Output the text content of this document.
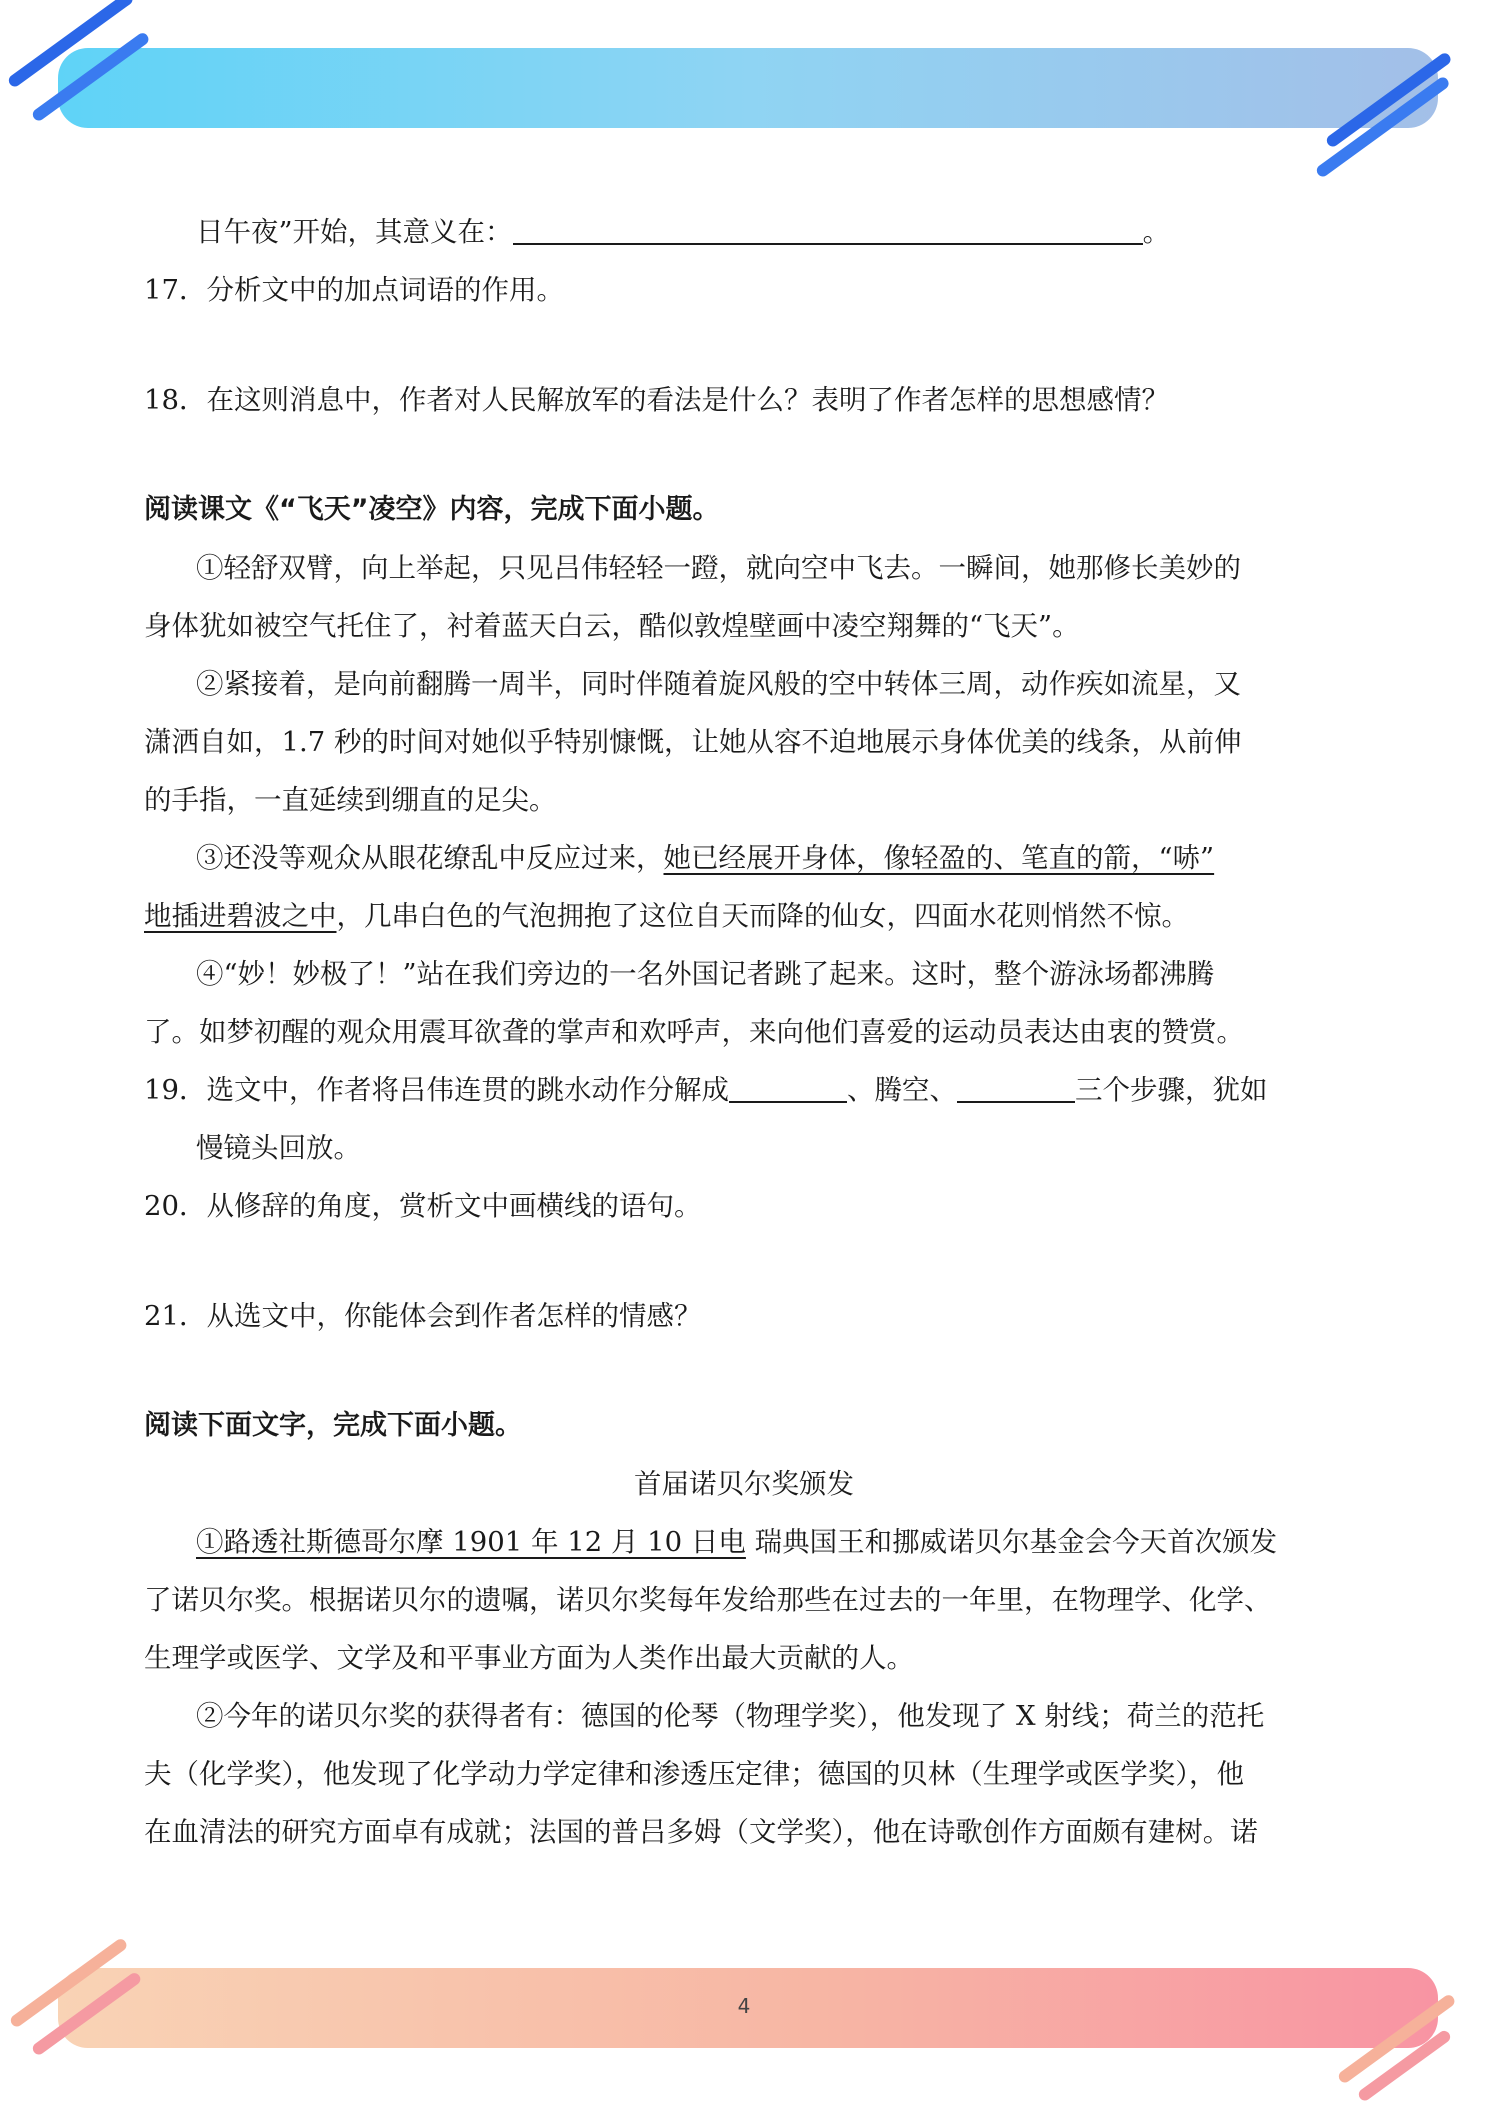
日午夜”开始，其意义在：	。
17．分析文中的加点词语的作用。
18．在这则消息中，作者对人民解放军的看法是什么？表明了作者怎样的思想感情？
阅读课文《“飞天”凌空》内容，完成下面小题。
①轻舒双臂，向上举起，只见吕伟轻轻一蹬，就向空中飞去。一瞬间，她那修长美妙的
身体犹如被空气托住了，衬着蓝天白云，酷似敦煌壁画中凌空翔舞的“飞天”。
②紧接着，是向前翻腾一周半，同时伴随着旋风般的空中转体三周，动作疾如流星，又
潇洒自如，1.7 秒的时间对她似乎特别慷慨，让她从容不迫地展示身体优美的线条，从前伸
的手指，一直延续到绷直的足尖。
③还没等观众从眼花缭乱中反应过来，她已经展开身体，像轻盈的、笔直的箭，“哧”
地插进碧波之中，几串白色的气泡拥抱了这位自天而降的仙女，四面水花则悄然不惊。
④“妙！妙极了！”站在我们旁边的一名外国记者跳了起来。这时，整个游泳场都沸腾
了。如梦初醒的观众用震耳欲聋的掌声和欢呼声，来向他们喜爱的运动员表达由衷的赞赏。
19．选文中，作者将吕伟连贯的跳水动作分解成	、腾空、	三个步骤，犹如
慢镜头回放。
20．从修辞的角度，赏析文中画横线的语句。
21．从选文中，你能体会到作者怎样的情感？
阅读下面文字，完成下面小题。
首届诺贝尔奖颁发
①路透社斯德哥尔摩 1901 年 12 月 10 日电 瑞典国王和挪威诺贝尔基金会今天首次颁发
了诺贝尔奖。根据诺贝尔的遗嘱，诺贝尔奖每年发给那些在过去的一年里，在物理学、化学、
生理学或医学、文学及和平事业方面为人类作出最大贡献的人。
②今年的诺贝尔奖的获得者有：德国的伦琴（物理学奖），他发现了 X 射线；荷兰的范托
夫（化学奖），他发现了化学动力学定律和渗透压定律；德国的贝林（生理学或医学奖），他
在血清法的研究方面卓有成就；法国的普吕多姆（文学奖），他在诗歌创作方面颇有建树。诺
4
